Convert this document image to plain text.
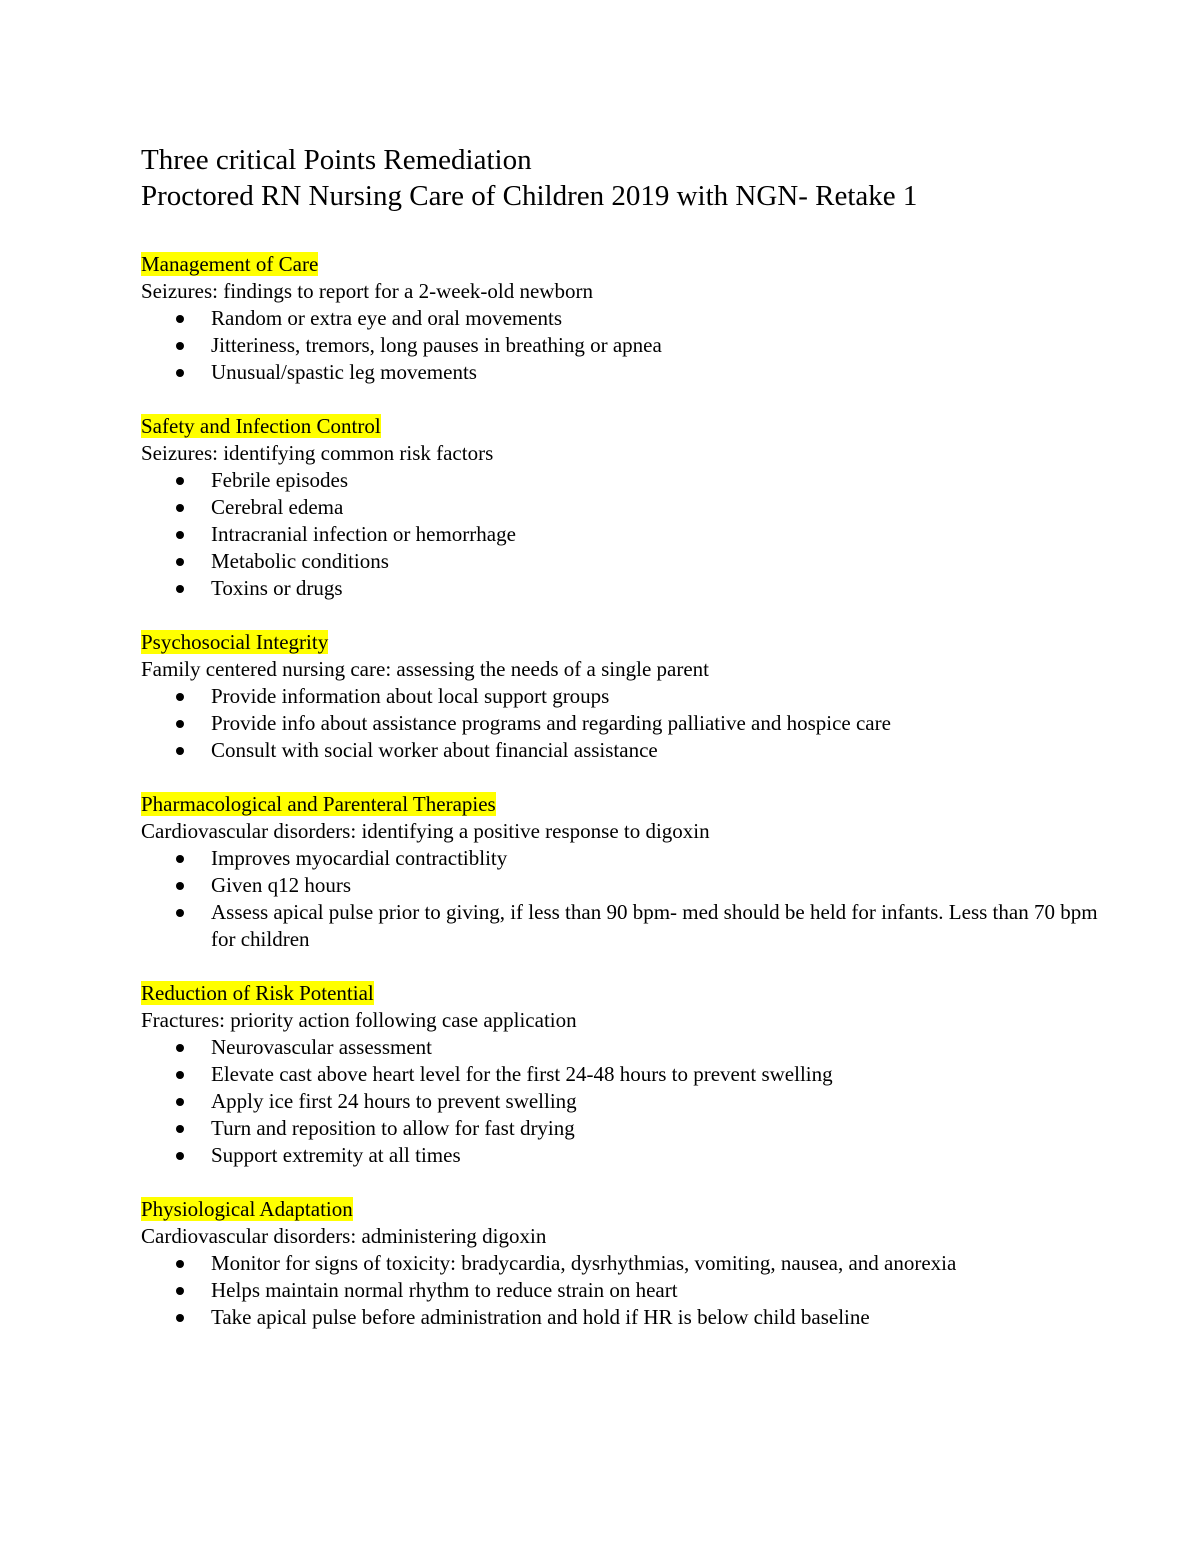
Three critical Points Remediation
Proctored RN Nursing Care of Children 2019 with NGN- Retake 1
Management of Care
Seizures: findings to report for a 2-week-old newborn
Random or extra eye and oral movements
Jitteriness, tremors, long pauses in breathing or apnea
Unusual/spastic leg movements
Safety and Infection Control
Seizures: identifying common risk factors
Febrile episodes
Cerebral edema
Intracranial infection or hemorrhage
Metabolic conditions
Toxins or drugs
Psychosocial Integrity
Family centered nursing care: assessing the needs of a single parent
Provide information about local support groups
Provide info about assistance programs and regarding palliative and hospice care
Consult with social worker about financial assistance
Pharmacological and Parenteral Therapies
Cardiovascular disorders: identifying a positive response to digoxin
Improves myocardial contractiblity
Given q12 hours
Assess apical pulse prior to giving, if less than 90 bpm- med should be held for infants. Less than 70 bpm for children
Reduction of Risk Potential
Fractures: priority action following case application
Neurovascular assessment
Elevate cast above heart level for the first 24-48 hours to prevent swelling
Apply ice first 24 hours to prevent swelling
Turn and reposition to allow for fast drying
Support extremity at all times
Physiological Adaptation
Cardiovascular disorders: administering digoxin
Monitor for signs of toxicity: bradycardia, dysrhythmias, vomiting, nausea, and anorexia
Helps maintain normal rhythm to reduce strain on heart
Take apical pulse before administration and hold if HR is below child baseline
